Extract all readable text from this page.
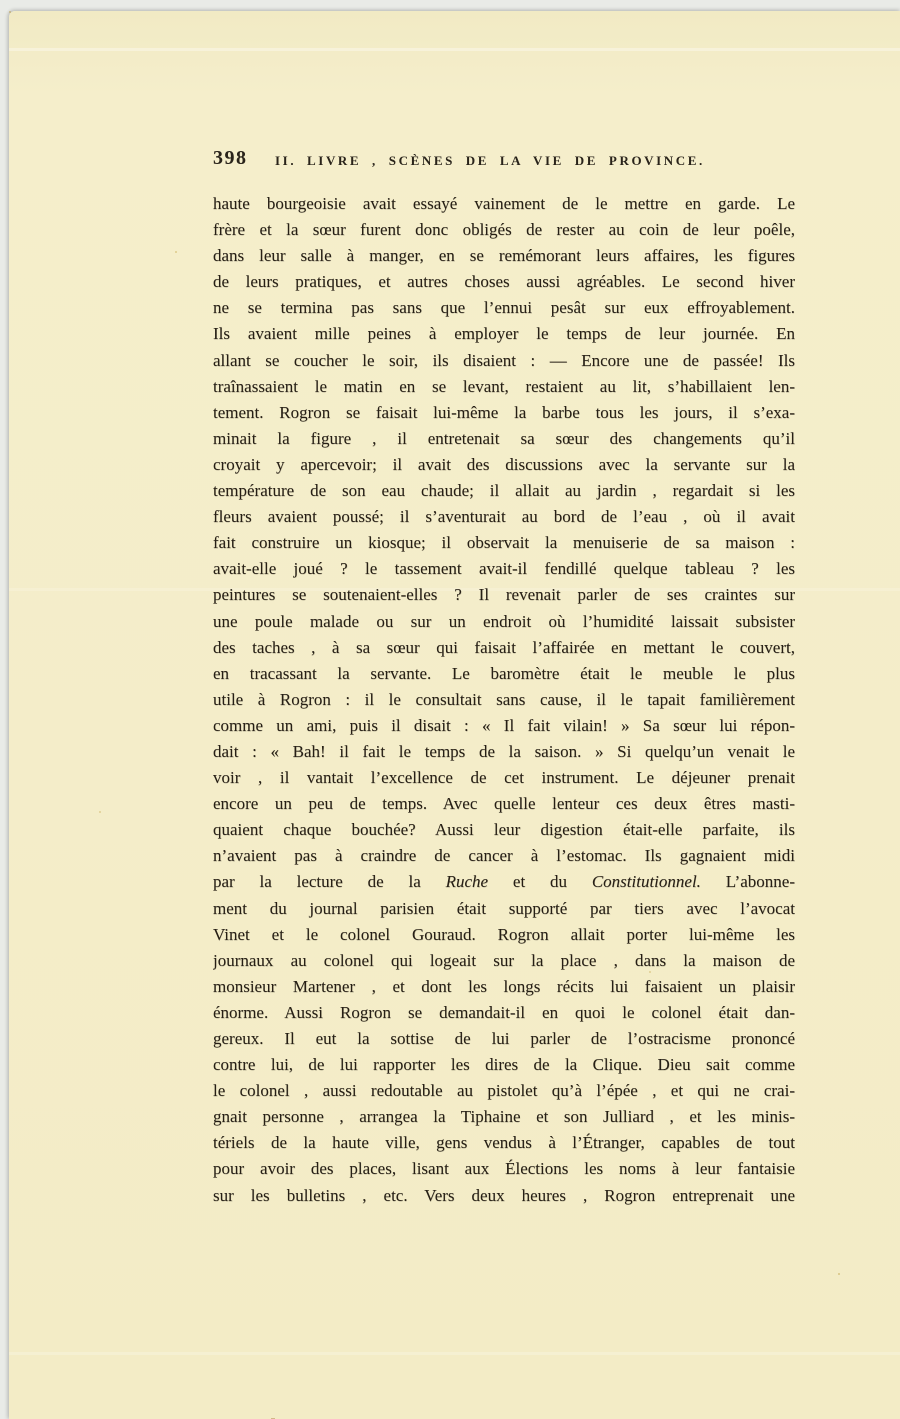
398 II. LIVRE , SCÈNES DE LA VIE DE PROVINCE.
haute bourgeoisie avait essayé vainement de le mettre en garde. Le
frère et la sœur furent donc obligés de rester au coin de leur poêle,
dans leur salle à manger, en se remémorant leurs affaires, les figures
de leurs pratiques, et autres choses aussi agréables. Le second hiver
ne se termina pas sans que l’ennui pesât sur eux effroyablement.
Ils avaient mille peines à employer le temps de leur journée. En
allant se coucher le soir, ils disaient : — Encore une de passée! Ils
traînassaient le matin en se levant, restaient au lit, s’habillaient len-
tement. Rogron se faisait lui-même la barbe tous les jours, il s’exa-
minait la figure , il entretenait sa sœur des changements qu’il
croyait y apercevoir; il avait des discussions avec la servante sur la
température de son eau chaude; il allait au jardin , regardait si les
fleurs avaient poussé; il s’aventurait au bord de l’eau , où il avait
fait construire un kiosque; il observait la menuiserie de sa maison :
avait-elle joué ? le tassement avait-il fendillé quelque tableau ? les
peintures se soutenaient-elles ? Il revenait parler de ses craintes sur
une poule malade ou sur un endroit où l’humidité laissait subsister
des taches , à sa sœur qui faisait l’affairée en mettant le couvert,
en tracassant la servante. Le baromètre était le meuble le plus
utile à Rogron : il le consultait sans cause, il le tapait familièrement
comme un ami, puis il disait : « Il fait vilain! » Sa sœur lui répon-
dait : « Bah! il fait le temps de la saison. » Si quelqu’un venait le
voir , il vantait l’excellence de cet instrument. Le déjeuner prenait
encore un peu de temps. Avec quelle lenteur ces deux êtres masti-
quaient chaque bouchée? Aussi leur digestion était-elle parfaite, ils
n’avaient pas à craindre de cancer à l’estomac. Ils gagnaient midi
par la lecture de la Ruche et du Constitutionnel. L’abonne-
ment du journal parisien était supporté par tiers avec l’avocat
Vinet et le colonel Gouraud. Rogron allait porter lui-même les
journaux au colonel qui logeait sur la place , dans la maison de
monsieur Martener , et dont les longs récits lui faisaient un plaisir
énorme. Aussi Rogron se demandait-il en quoi le colonel était dan-
gereux. Il eut la sottise de lui parler de l’ostracisme prononcé
contre lui, de lui rapporter les dires de la Clique. Dieu sait comme
le colonel , aussi redoutable au pistolet qu’à l’épée , et qui ne crai-
gnait personne , arrangea la Tiphaine et son Julliard , et les minis-
tériels de la haute ville, gens vendus à l’Étranger, capables de tout
pour avoir des places, lisant aux Élections les noms à leur fantaisie
sur les bulletins , etc. Vers deux heures , Rogron entreprenait une
